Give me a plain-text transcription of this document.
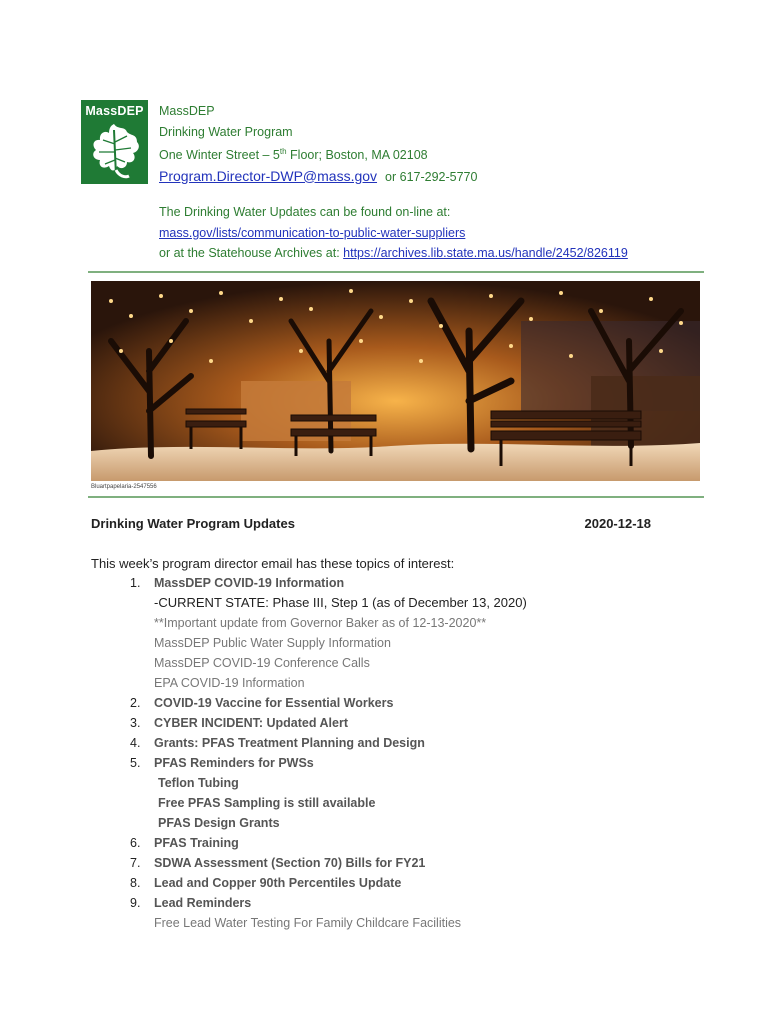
MassDEP	MassDEP
Drinking Water Program
One Winter Street – 5th Floor; Boston, MA 02108
Program.Director-DWP@mass.gov or 617-292-5770
The Drinking Water Updates can be found on-line at:
mass.gov/lists/communication-to-public-water-suppliers
or at the Statehouse Archives at: https://archives.lib.state.ma.us/handle/2452/826119
Bluartpapelaria-2547556
Drinking Water Program Updates	2020-12-18
This week’s program director email has these topics of interest:
1.	MassDEP COVID-19 Information
-CURRENT STATE: Phase III, Step 1 (as of December 13, 2020)
**Important update from Governor Baker as of 12-13-2020**
MassDEP Public Water Supply Information
MassDEP COVID-19 Conference Calls
EPA COVID-19 Information
2.	COVID-19 Vaccine for Essential Workers
3.	CYBER INCIDENT: Updated Alert
4.	Grants: PFAS Treatment Planning and Design
5.	PFAS Reminders for PWSs
Teflon Tubing
Free PFAS Sampling is still available
PFAS Design Grants
6.	PFAS Training
7.	SDWA Assessment (Section 70) Bills for FY21
8.	Lead and Copper 90th Percentiles Update
9.	Lead Reminders
Free Lead Water Testing For Family Childcare Facilities
